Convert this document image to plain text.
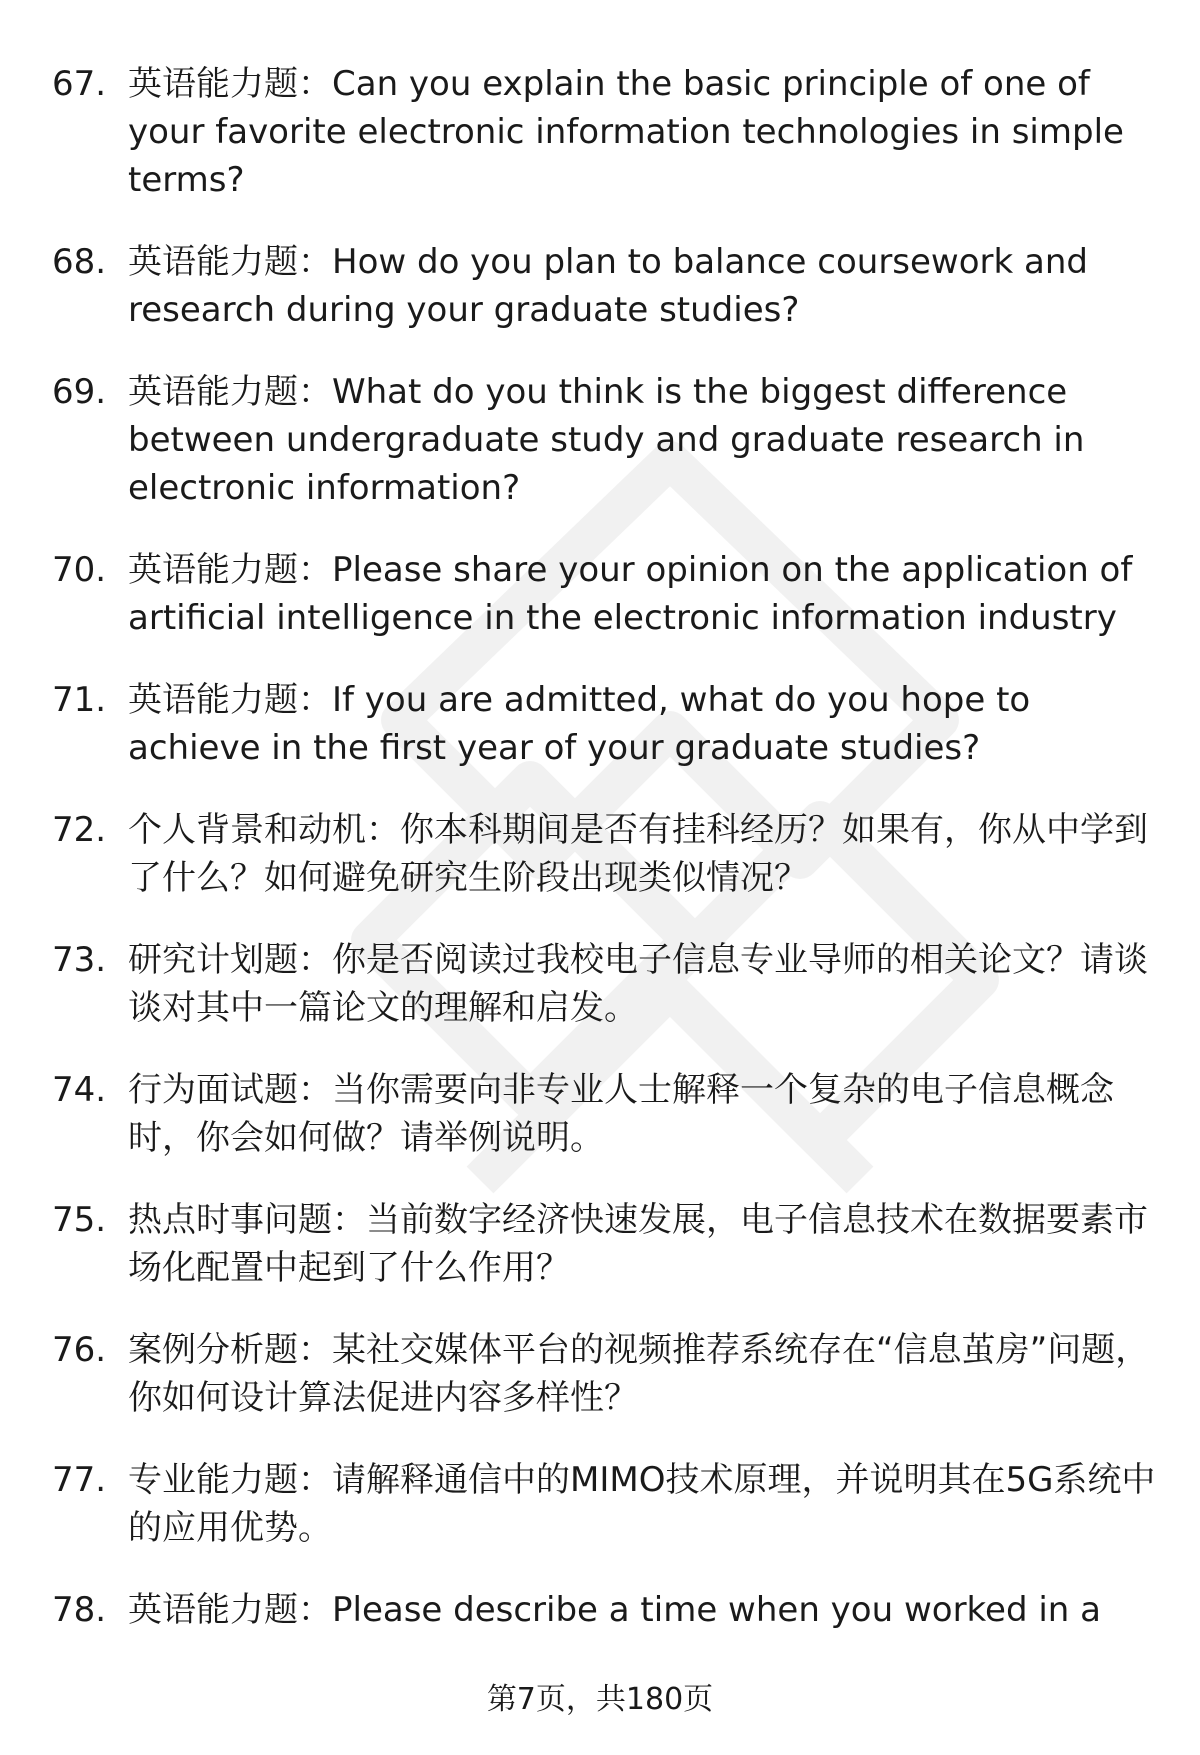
67. 英语能力题：Can you explain the basic principle of one of your favorite electronic information technologies in simple terms?
68. 英语能力题：How do you plan to balance coursework and research during your graduate studies?
69. 英语能力题：What do you think is the biggest difference between undergraduate study and graduate research in electronic information?
70. 英语能力题：Please share your opinion on the application of artificial intelligence in the electronic information industry
71. 英语能力题：If you are admitted, what do you hope to achieve in the first year of your graduate studies?
72. 个人背景和动机：你本科期间是否有挂科经历？如果有，你从中学到了什么？如何避免研究生阶段出现类似情况？
73. 研究计划题：你是否阅读过我校电子信息专业导师的相关论文？请谈谈对其中一篇论文的理解和启发。
74. 行为面试题：当你需要向非专业人士解释一个复杂的电子信息概念时，你会如何做？请举例说明。
75. 热点时事问题：当前数字经济快速发展，电子信息技术在数据要素市场化配置中起到了什么作用？
76. 案例分析题：某社交媒体平台的视频推荐系统存在“信息茧房”问题，你如何设计算法促进内容多样性？
77. 专业能力题：请解释通信中的MIMO技术原理，并说明其在5G系统中的应用优势。
78. 英语能力题：Please describe a time when you worked in a
第7页，共180页
